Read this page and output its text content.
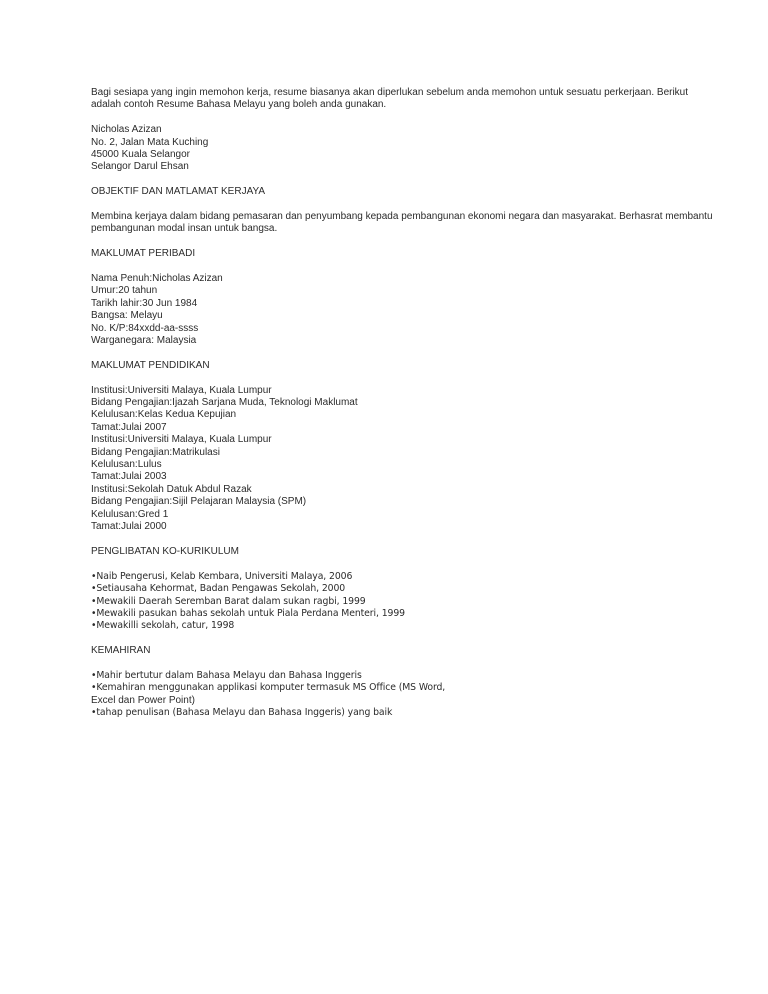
Bagi sesiapa yang ingin memohon kerja, resume biasanya akan diperlukan sebelum anda memohon untuk sesuatu perkerjaan. Berikut
adalah contoh Resume Bahasa Melayu yang boleh anda gunakan.
Nicholas Azizan
No. 2, Jalan Mata Kuching
45000 Kuala Selangor
Selangor Darul Ehsan
OBJEKTIF DAN MATLAMAT KERJAYA
Membina kerjaya dalam bidang pemasaran dan penyumbang kepada pembangunan ekonomi negara dan masyarakat. Berhasrat membantu
pembangunan modal insan untuk bangsa.
MAKLUMAT PERIBADI
Nama Penuh:Nicholas Azizan
Umur:20 tahun
Tarikh lahir:30 Jun 1984
Bangsa: Melayu
No. K/P:84xxdd-aa-ssss
Warganegara: Malaysia
MAKLUMAT PENDIDIKAN
Institusi:Universiti Malaya, Kuala Lumpur
Bidang Pengajian:Ijazah Sarjana Muda, Teknologi Maklumat
Kelulusan:Kelas Kedua Kepujian
Tamat:Julai 2007
Institusi:Universiti Malaya, Kuala Lumpur
Bidang Pengajian:Matrikulasi
Kelulusan:Lulus
Tamat:Julai 2003
Institusi:Sekolah Datuk Abdul Razak
Bidang Pengajian:Sijil Pelajaran Malaysia (SPM)
Kelulusan:Gred 1
Tamat:Julai 2000
PENGLIBATAN KO-KURIKULUM
•Naib Pengerusi, Kelab Kembara, Universiti Malaya, 2006
•Setiausaha Kehormat, Badan Pengawas Sekolah, 2000
•Mewakili Daerah Seremban Barat dalam sukan ragbi, 1999
•Mewakili pasukan bahas sekolah untuk Piala Perdana Menteri, 1999
•Mewakilli sekolah, catur, 1998
KEMAHIRAN
•Mahir bertutur dalam Bahasa Melayu dan Bahasa Inggeris
•Kemahiran menggunakan applikasi komputer termasuk MS Office (MS Word,
Excel dan Power Point)
•tahap penulisan (Bahasa Melayu dan Bahasa Inggeris) yang baik
